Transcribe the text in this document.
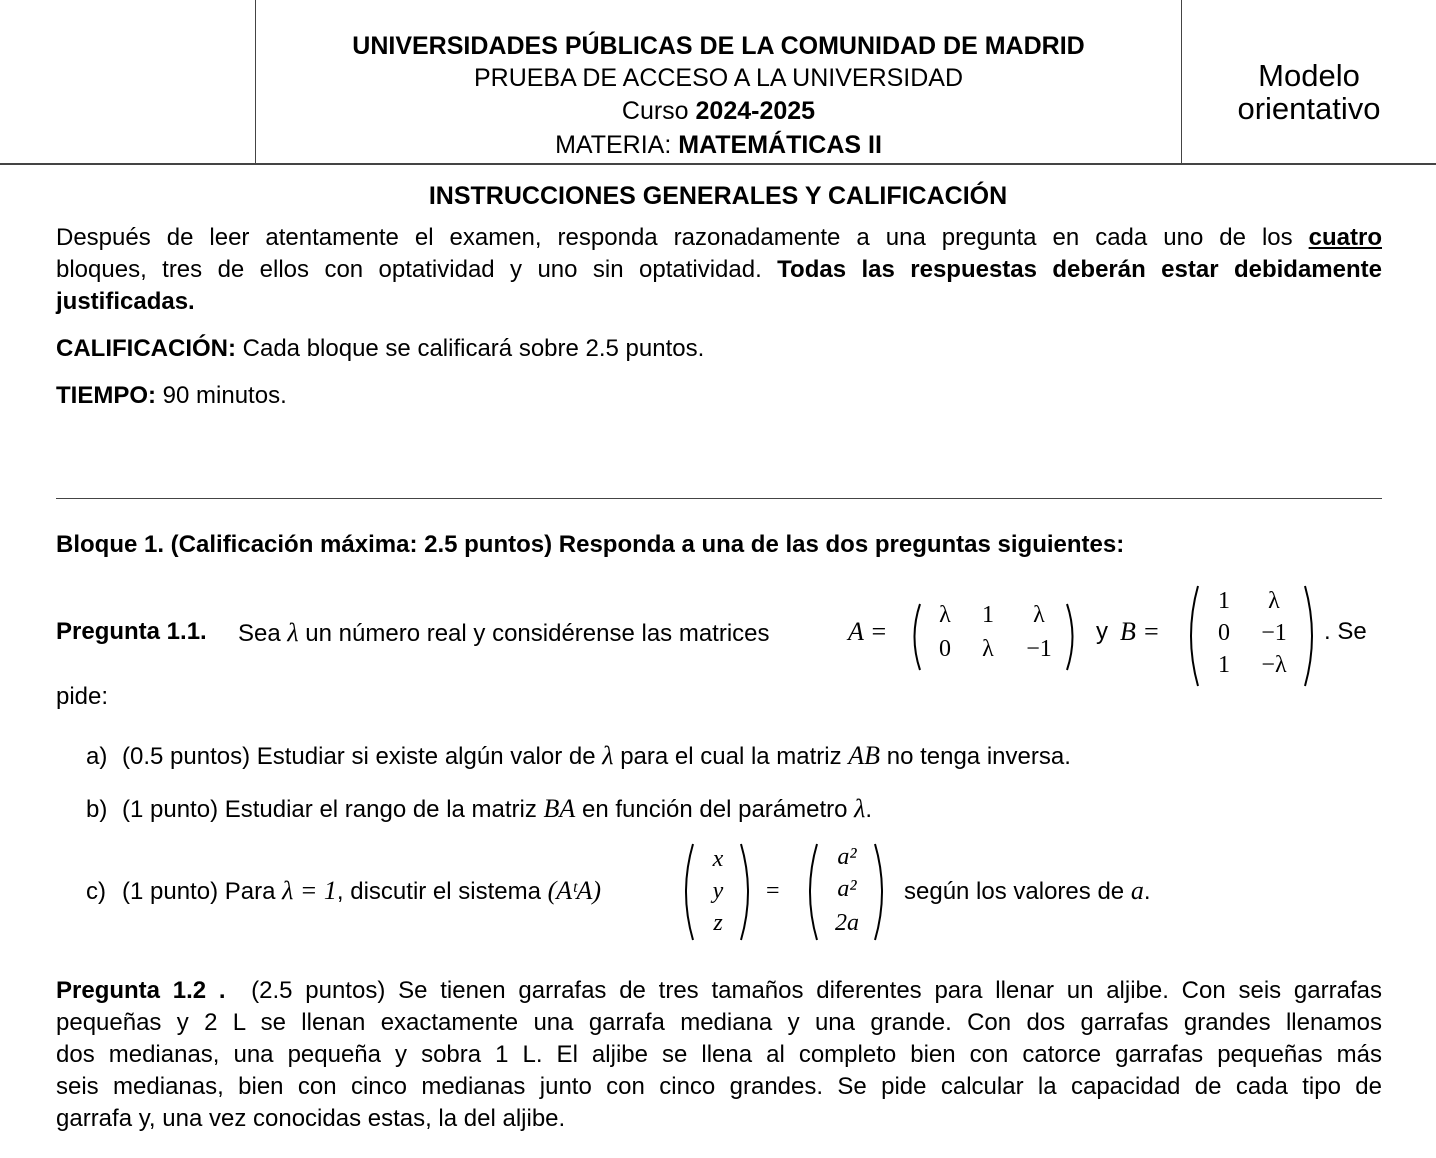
UNIVERSIDADES PÚBLICAS DE LA COMUNIDAD DE MADRID
PRUEBA DE ACCESO A LA UNIVERSIDAD
Curso 2024-2025
MATERIA: MATEMÁTICAS II
Modelo
orientativo
INSTRUCCIONES GENERALES Y CALIFICACIÓN
Después de leer atentamente el examen, responda razonadamente a una pregunta en cada uno de los cuatro
bloques, tres de ellos con optatividad y uno sin optatividad. Todas las respuestas deberán estar debidamente
justificadas.
CALIFICACIÓN: Cada bloque se calificará sobre 2.5 puntos.
TIEMPO: 90 minutos.
Bloque 1. (Calificación máxima: 2.5 puntos) Responda a una de las dos preguntas siguientes:
Pregunta 1.1. Sea λ un número real y considérense las matrices	A =
λ	1	λ
0	λ	−1
y B =
1	λ
0	−1
1	−λ
. Se
pide:
a) (0.5 puntos) Estudiar si existe algún valor de λ para el cual la matriz AB no tenga inversa.
b) (1 punto) Estudiar el rango de la matriz BA en función del parámetro λ.
c) (1 punto) Para λ = 1, discutir el sistema (AᵗA)
x
y
z
=
a²
a²
2a
según los valores de a.
Pregunta 1.2 . (2.5 puntos) Se tienen garrafas de tres tamaños diferentes para llenar un aljibe. Con seis garrafas
pequeñas y 2 L se llenan exactamente una garrafa mediana y una grande. Con dos garrafas grandes llenamos
dos medianas, una pequeña y sobra 1 L. El aljibe se llena al completo bien con catorce garrafas pequeñas más
seis medianas, bien con cinco medianas junto con cinco grandes. Se pide calcular la capacidad de cada tipo de
garrafa y, una vez conocidas estas, la del aljibe.
